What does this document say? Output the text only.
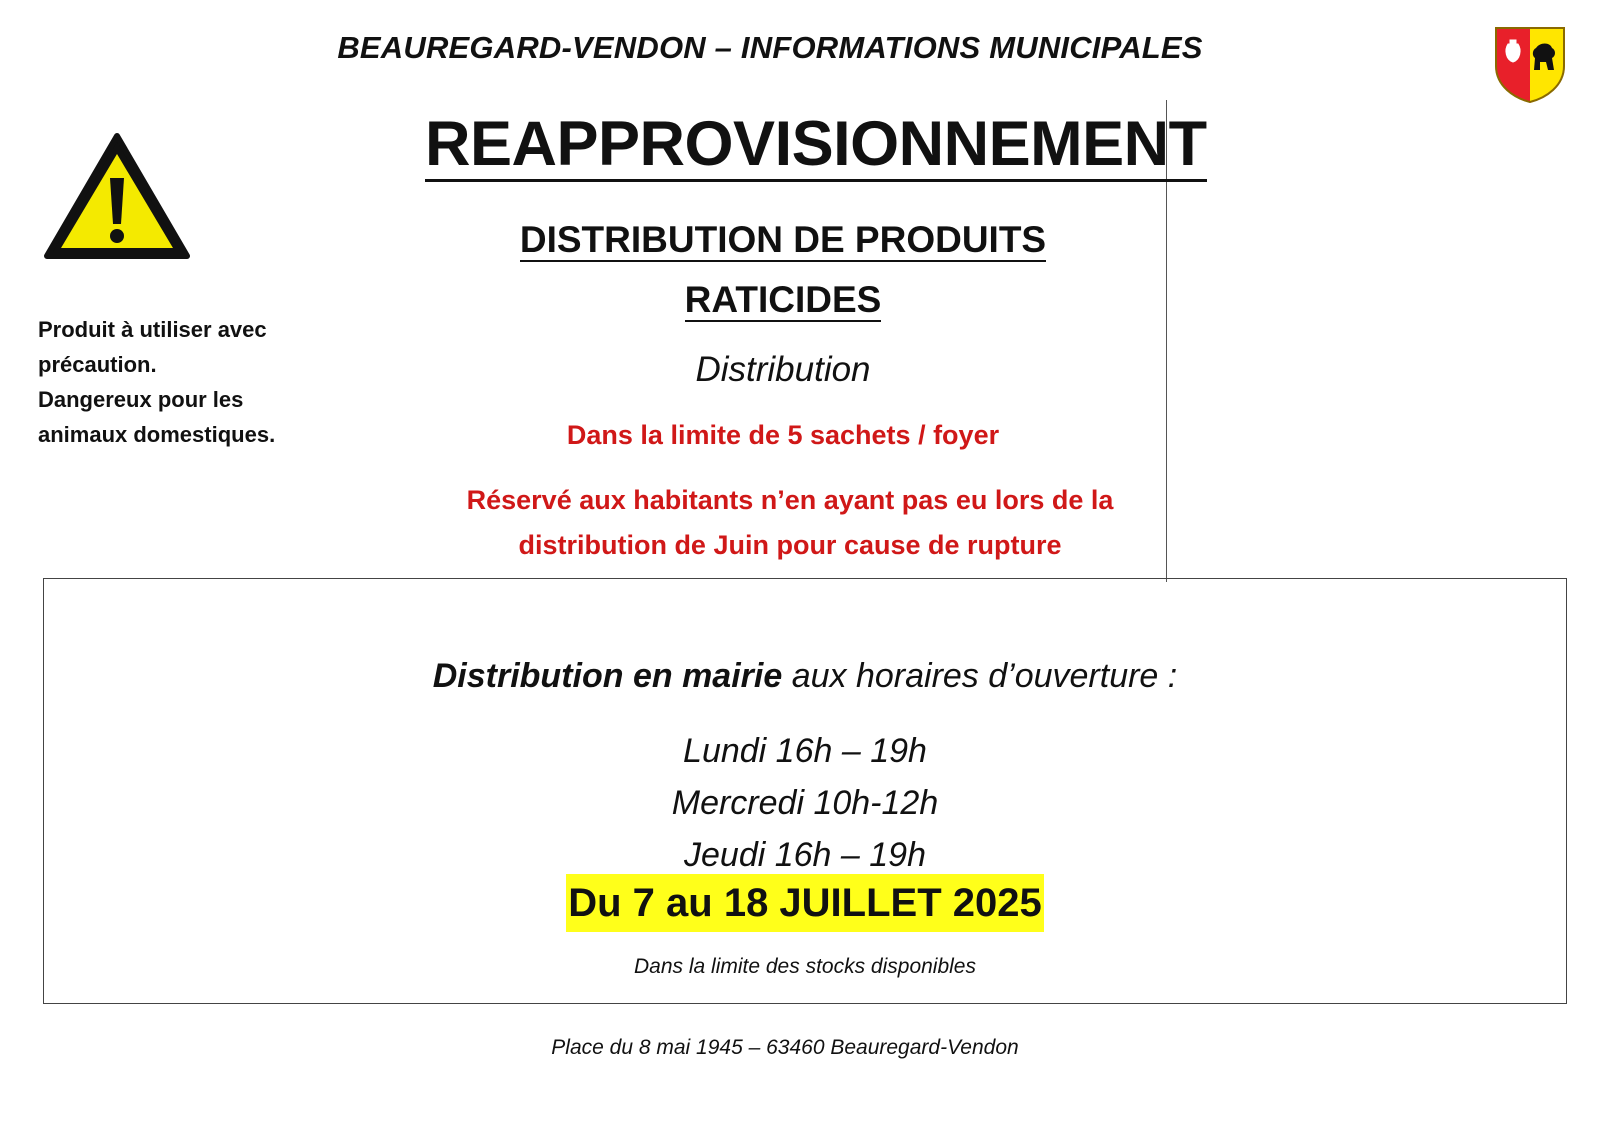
BEAUREGARD-VENDON – INFORMATIONS MUNICIPALES
Produit à utiliser avec
précaution.
Dangereux pour les
animaux domestiques.
REAPPROVISIONNEMENT
DISTRIBUTION DE PRODUITS
RATICIDES
Distribution
Dans la limite de 5 sachets / foyer
Réservé aux habitants n’en ayant pas eu lors de la
distribution de Juin pour cause de rupture
Distribution en mairie aux horaires d’ouverture :
Lundi 16h – 19h
Mercredi 10h-12h
Jeudi 16h – 19h
Du 7 au 18 JUILLET 2025
Dans la limite des stocks disponibles
Place du 8 mai 1945 – 63460 Beauregard-Vendon
